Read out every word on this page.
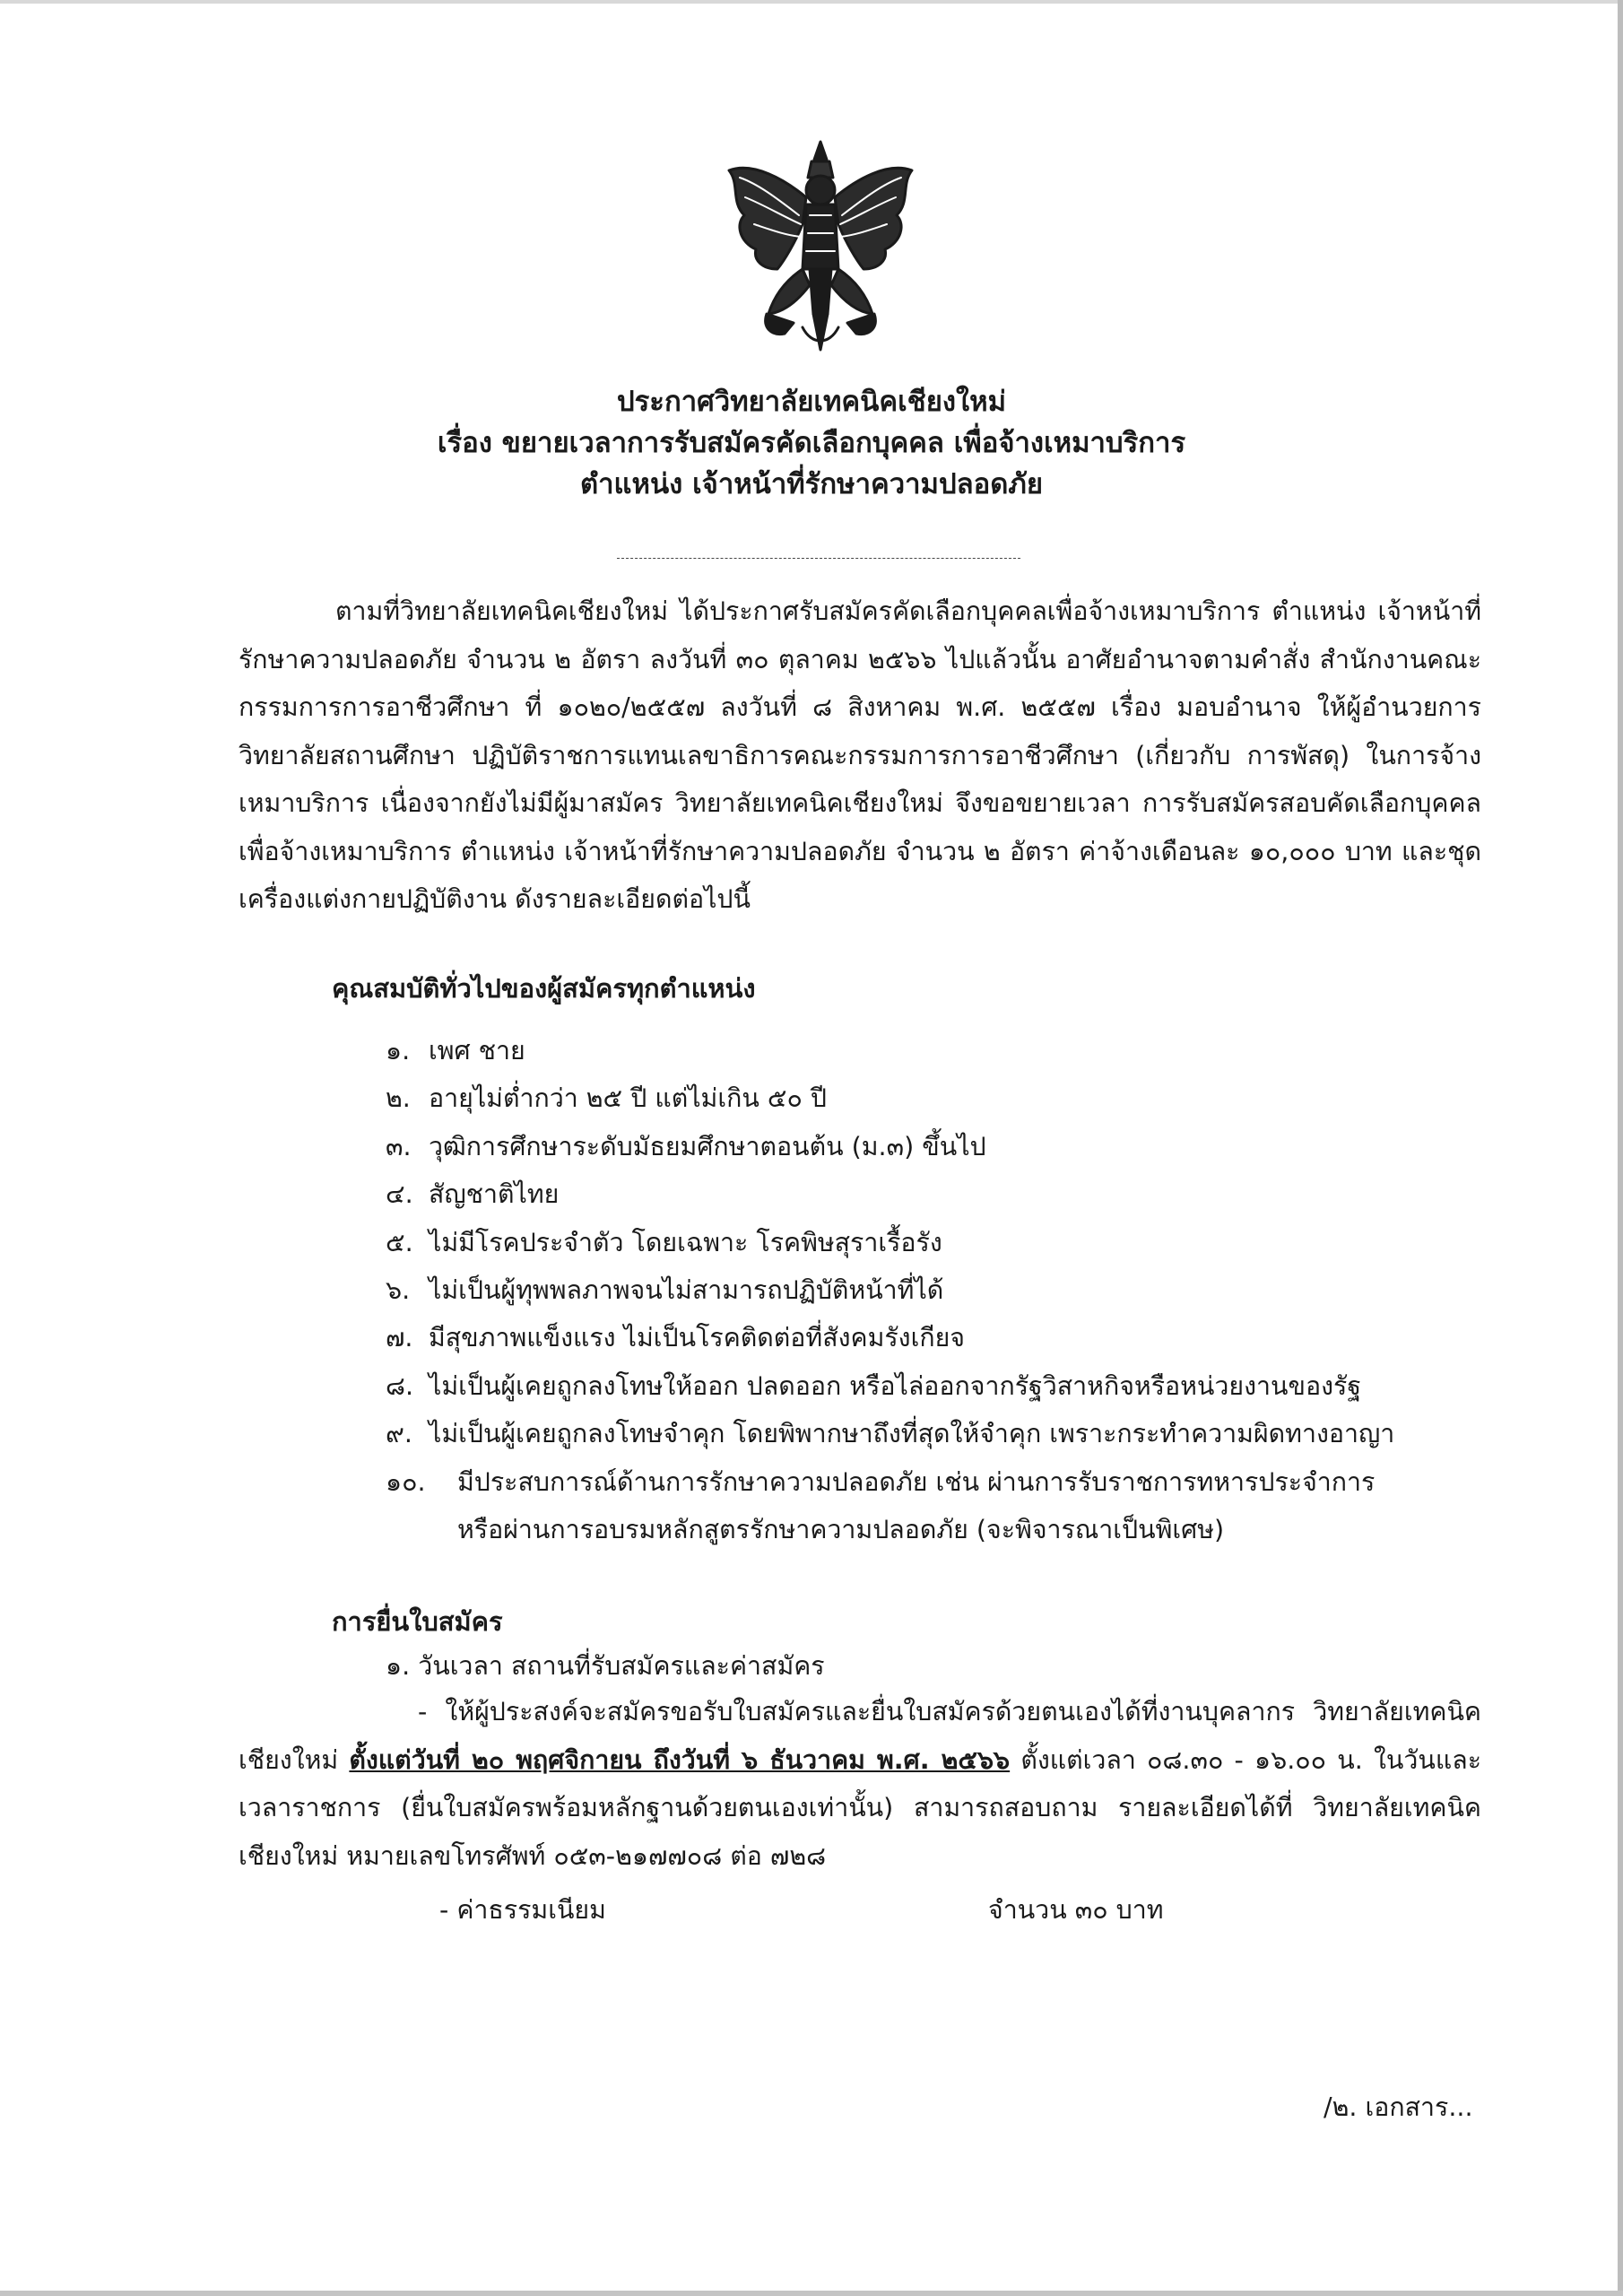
ประกาศวิทยาลัยเทคนิคเชียงใหม่
เรื่อง ขยายเวลาการรับสมัครคัดเลือกบุคคล เพื่อจ้างเหมาบริการ
ตำแหน่ง เจ้าหน้าที่รักษาความปลอดภัย
ตามที่วิทยาลัยเทคนิคเชียงใหม่ ได้ประกาศรับสมัครคัดเลือกบุคคลเพื่อจ้างเหมาบริการ ตำแหน่ง เจ้าหน้าที่รักษาความปลอดภัย จำนวน ๒ อัตรา ลงวันที่ ๓๐ ตุลาคม ๒๕๖๖ ไปแล้วนั้น อาศัยอำนาจตามคำสั่ง สำนักงานคณะกรรมการการอาชีวศึกษา ที่ ๑๐๒๐/๒๕๕๗ ลงวันที่ ๘ สิงหาคม พ.ศ. ๒๕๕๗ เรื่อง มอบอำนาจ ให้ผู้อำนวยการวิทยาลัยสถานศึกษา ปฏิบัติราชการแทนเลขาธิการคณะกรรมการการอาชีวศึกษา (เกี่ยวกับ การพัสดุ) ในการจ้างเหมาบริการ เนื่องจากยังไม่มีผู้มาสมัคร วิทยาลัยเทคนิคเชียงใหม่ จึงขอขยายเวลา การรับสมัครสอบคัดเลือกบุคคลเพื่อจ้างเหมาบริการ ตำแหน่ง เจ้าหน้าที่รักษาความปลอดภัย จำนวน ๒ อัตรา ค่าจ้างเดือนละ ๑๐,๐๐๐ บาท และชุดเครื่องแต่งกายปฏิบัติงาน ดังรายละเอียดต่อไปนี้
คุณสมบัติทั่วไปของผู้สมัครทุกตำแหน่ง
๑. เพศ ชาย
๒. อายุไม่ต่ำกว่า ๒๕ ปี แต่ไม่เกิน ๕๐ ปี
๓. วุฒิการศึกษาระดับมัธยมศึกษาตอนต้น (ม.๓) ขึ้นไป
๔. สัญชาติไทย
๕. ไม่มีโรคประจำตัว โดยเฉพาะ โรคพิษสุราเรื้อรัง
๖. ไม่เป็นผู้ทุพพลภาพจนไม่สามารถปฏิบัติหน้าที่ได้
๗. มีสุขภาพแข็งแรง ไม่เป็นโรคติดต่อที่สังคมรังเกียจ
๘. ไม่เป็นผู้เคยถูกลงโทษให้ออก ปลดออก หรือไล่ออกจากรัฐวิสาหกิจหรือหน่วยงานของรัฐ
๙. ไม่เป็นผู้เคยถูกลงโทษจำคุก โดยพิพากษาถึงที่สุดให้จำคุก เพราะกระทำความผิดทางอาญา
๑๐. มีประสบการณ์ด้านการรักษาความปลอดภัย เช่น ผ่านการรับราชการทหารประจำการ
หรือผ่านการอบรมหลักสูตรรักษาความปลอดภัย (จะพิจารณาเป็นพิเศษ)
การยื่นใบสมัคร
๑. วันเวลา สถานที่รับสมัครและค่าสมัคร
- ให้ผู้ประสงค์จะสมัครขอรับใบสมัครและยื่นใบสมัครด้วยตนเองได้ที่งานบุคลากร วิทยาลัยเทคนิคเชียงใหม่ ตั้งแต่วันที่ ๒๐ พฤศจิกายน ถึงวันที่ ๖ ธันวาคม พ.ศ. ๒๕๖๖ ตั้งแต่เวลา ๐๘.๓๐ - ๑๖.๐๐ น. ในวันและเวลาราชการ (ยื่นใบสมัครพร้อมหลักฐานด้วยตนเองเท่านั้น) สามารถสอบถาม รายละเอียดได้ที่ วิทยาลัยเทคนิคเชียงใหม่ หมายเลขโทรศัพท์ ๐๕๓-๒๑๗๗๐๘ ต่อ ๗๒๘
- ค่าธรรมเนียม	จำนวน ๓๐ บาท
/๒. เอกสาร...
